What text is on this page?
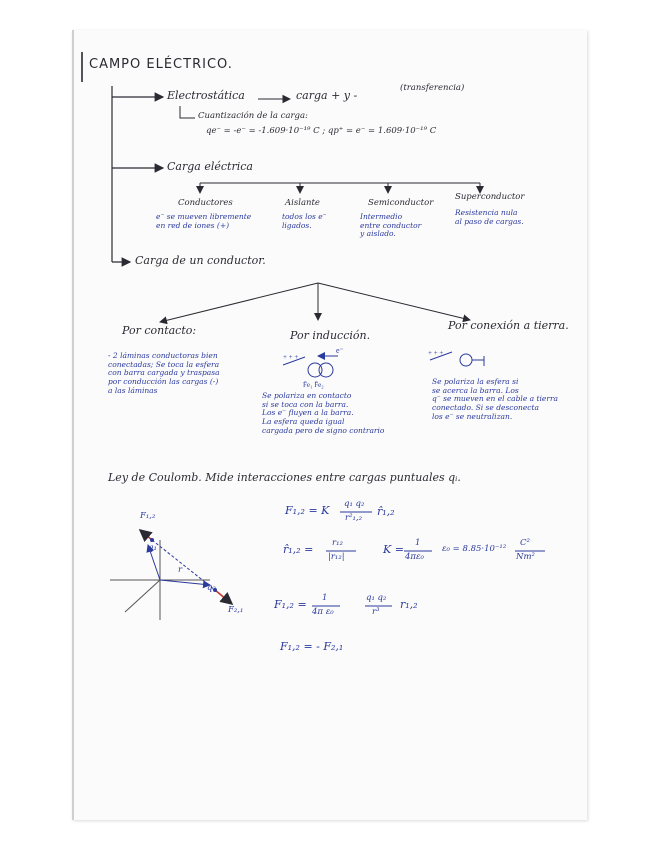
+ + +
e⁻
F̄e₁ F̄e₂
+ + +
CAMPO ELÉCTRICO.
Electrostática	carga + y -
(transferencia)
Cuantización de la carga:
qe⁻ = -e⁻ = -1.609·10⁻¹⁹ C ; qp⁺ = e⁻ = 1.609·10⁻¹⁹ C
Carga eléctrica
Conductores
e⁻ se mueven libremente
en red de iones (+)
Aislante
todos los e⁻
ligados.
Semiconductor
Intermedio
entre conductor
y aislado.
Superconductor
Resistencia nula
al paso de cargas.
Carga de un conductor.
Por contacto:
- 2 láminas conductoras bien
conectadas; Se toca la esfera
con barra cargada y traspasa
por conducción las cargas (-)
a las láminas
Por inducción.
Se polariza en contacto
si se toca con la barra.
Los e⁻ fluyen a la barra.
La esfera queda igual
cargada pero de signo contrario
Por conexión a tierra.
Se polariza la esfera si
se acerca la barra. Los
q⁻ se mueven en el cable a tierra
conectado. Si se desconecta
los e⁻ se neutralizan.
Ley de Coulomb. Mide interacciones entre cargas puntuales qᵢ.
F₁,₂
q₁
q₂
r
F₂,₁
F₁,₂ = K q₁ q₂
r²₁,₂ r̂₁,₂
r̂₁,₂ = r₁₂
|r₁₂|
K = 1
4πε₀
ε₀ = 8.85·10⁻¹²
C²
Nm²
F₁,₂ = 1
4π ε₀
q₁ q₂
r³
r₁,₂
F₁,₂ = - F₂,₁
